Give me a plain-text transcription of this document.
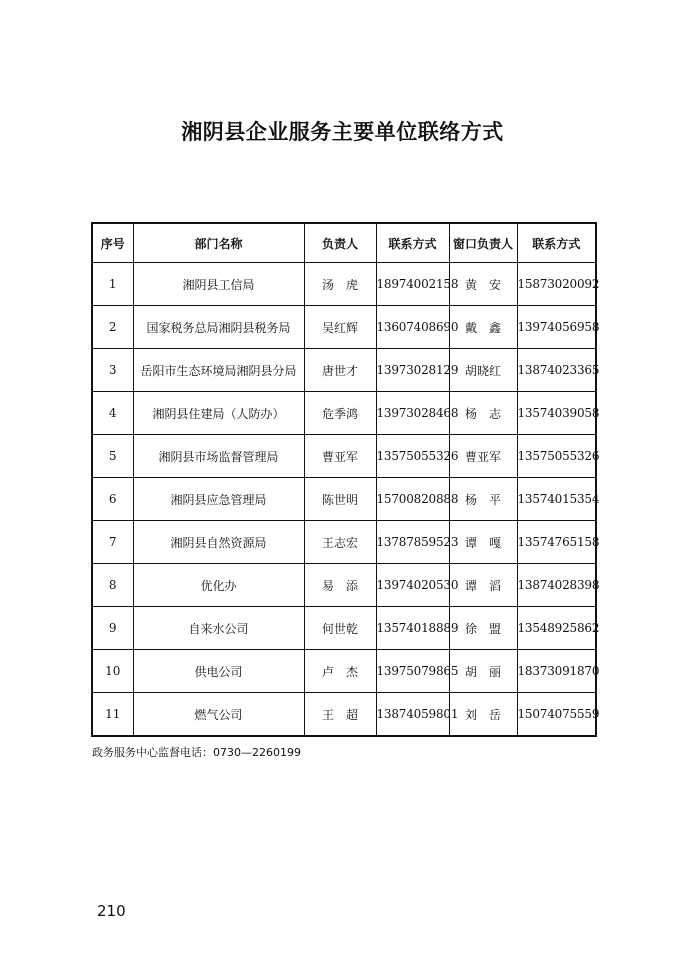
湘阴县企业服务主要单位联络方式
序号	部门名称	负责人	联系方式	窗口负责人	联系方式
1	湘阴县工信局	汤　虎	18974002158	黄　安	15873020092
2	国家税务总局湘阴县税务局	吴红辉	13607408690	戴　鑫	13974056958
3	岳阳市生态环境局湘阴县分局	唐世才	13973028129	胡晓红	13874023365
4	湘阴县住建局（人防办）	危季鸿	13973028468	杨　志	13574039058
5	湘阴县市场监督管理局	曹亚军	13575055326	曹亚军	13575055326
6	湘阴县应急管理局	陈世明	15700820888	杨　平	13574015354
7	湘阴县自然资源局	王志宏	13787859523	谭　嘎	13574765158
8	优化办	易　添	13974020530	谭　滔	13874028398
9	自来水公司	何世乾	13574018889	徐　盟	13548925862
10	供电公司	卢　杰	13975079865	胡　丽	18373091870
11	燃气公司	王　超	13874059801	刘　岳	15074075559
政务服务中心监督电话：0730—2260199
210
